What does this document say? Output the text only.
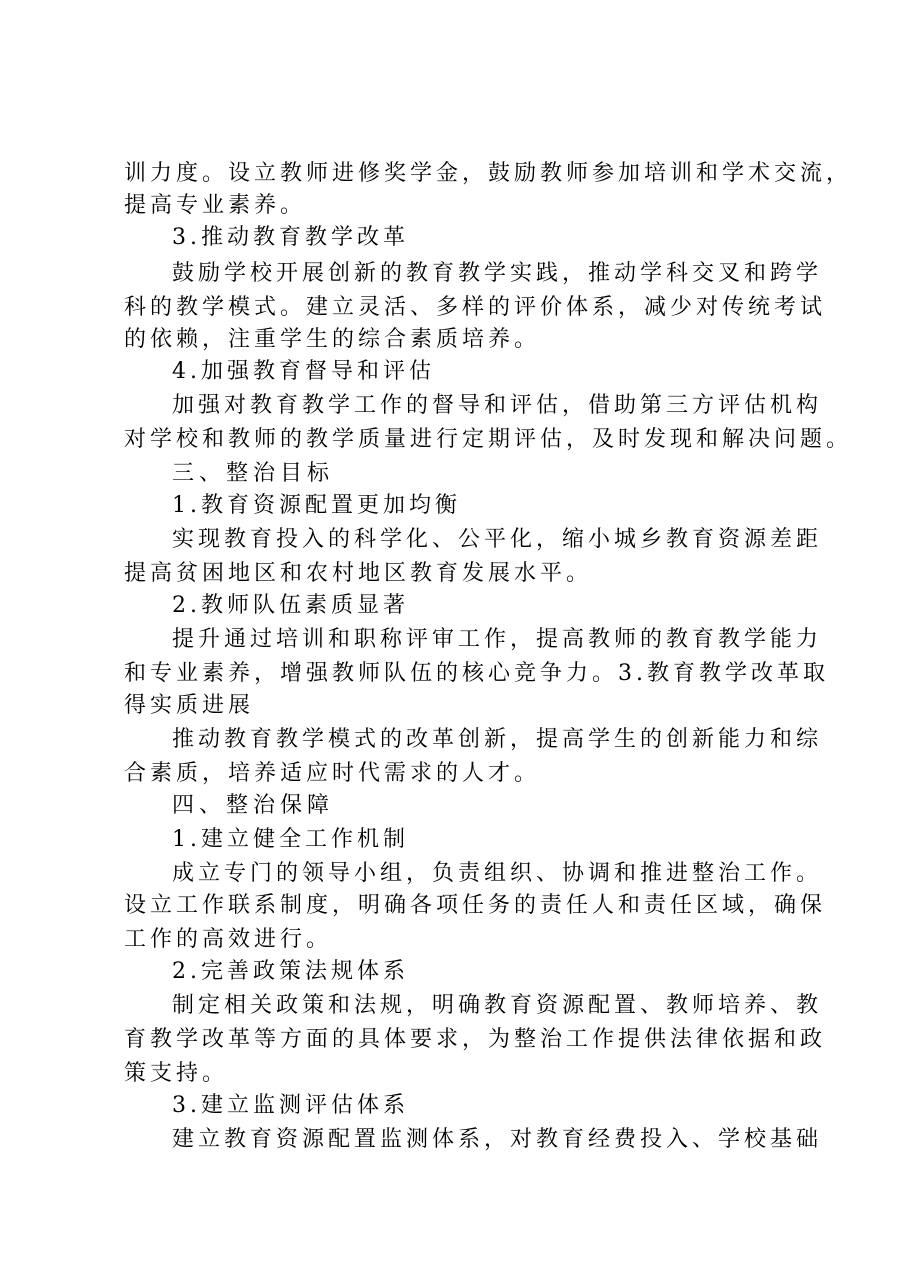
训力度。设立教师进修奖学金，鼓励教师参加培训和学术交流，
提高专业素养。
3.推动教育教学改革
鼓励学校开展创新的教育教学实践，推动学科交叉和跨学
科的教学模式。建立灵活、多样的评价体系，减少对传统考试
的依赖，注重学生的综合素质培养。
4.加强教育督导和评估
加强对教育教学工作的督导和评估，借助第三方评估机构
对学校和教师的教学质量进行定期评估，及时发现和解决问题。
三、整治目标
1.教育资源配置更加均衡
实现教育投入的科学化、公平化，缩小城乡教育资源差距
提高贫困地区和农村地区教育发展水平。
2.教师队伍素质显著
提升通过培训和职称评审工作，提高教师的教育教学能力
和专业素养，增强教师队伍的核心竞争力。3.教育教学改革取
得实质进展
推动教育教学模式的改革创新，提高学生的创新能力和综
合素质，培养适应时代需求的人才。
四、整治保障
1.建立健全工作机制
成立专门的领导小组，负责组织、协调和推进整治工作。
设立工作联系制度，明确各项任务的责任人和责任区域，确保
工作的高效进行。
2.完善政策法规体系
制定相关政策和法规，明确教育资源配置、教师培养、教
育教学改革等方面的具体要求，为整治工作提供法律依据和政
策支持。
3.建立监测评估体系
建立教育资源配置监测体系，对教育经费投入、学校基础
